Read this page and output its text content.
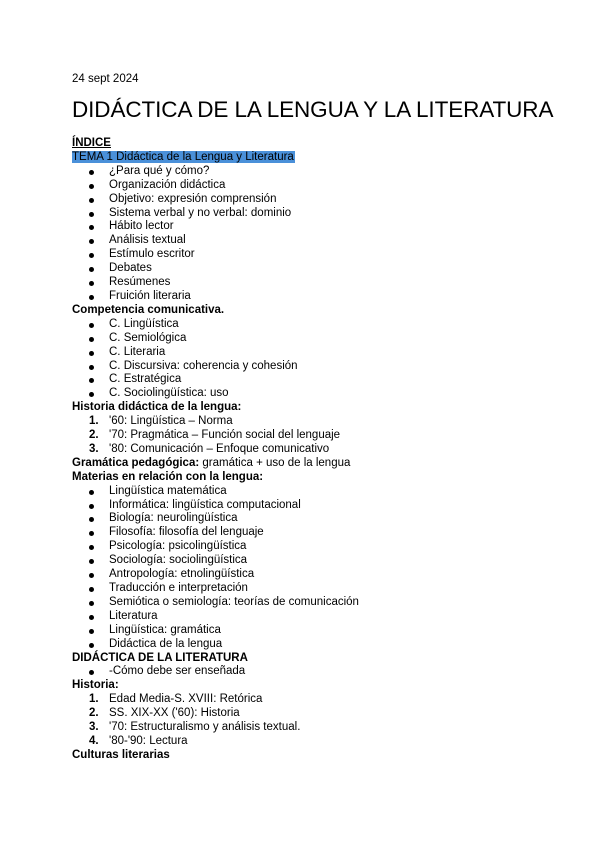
24 sept 2024

DIDÁCTICA DE LA LENGUA Y LA LITERATURA

ÍNDICE

TEMA 1 Didáctica de la Lengua y Literatura

¿Para qué y cómo?
Organización didáctica
Objetivo: expresión comprensión
Sistema verbal y no verbal: dominio
Hábito lector
Análisis textual
Estímulo escritor
Debates
Resúmenes
Fruición literaria

Competencia comunicativa.

C. Lingüística
C. Semiológica
C. Literaria
C. Discursiva: coherencia y cohesión
C. Estratégica
C. Sociolingüística: uso

Historia didáctica de la lengua:

1. '60: Lingüística – Norma
2. '70: Pragmática – Función social del lenguaje
3. '80: Comunicación – Enfoque comunicativo

Gramática pedagógica: gramática + uso de la lengua

Materias en relación con la lengua:

Lingüística matemática
Informática: lingüística computacional
Biología: neurolingüística
Filosofía: filosofía del lenguaje
Psicología: psicolingüística
Sociología: sociolingüística
Antropología: etnolingüística
Traducción e interpretación
Semiótica o semiología: teorías de comunicación
Literatura
Lingüística: gramática
Didáctica de la lengua

DIDÁCTICA DE LA LITERATURA

-Cómo debe ser enseñada

Historia:

1. Edad Media-S. XVIII: Retórica
2. SS. XIX-XX ('60): Historia
3. '70: Estructuralismo y análisis textual.
4. '80-'90: Lectura

Culturas literarias
